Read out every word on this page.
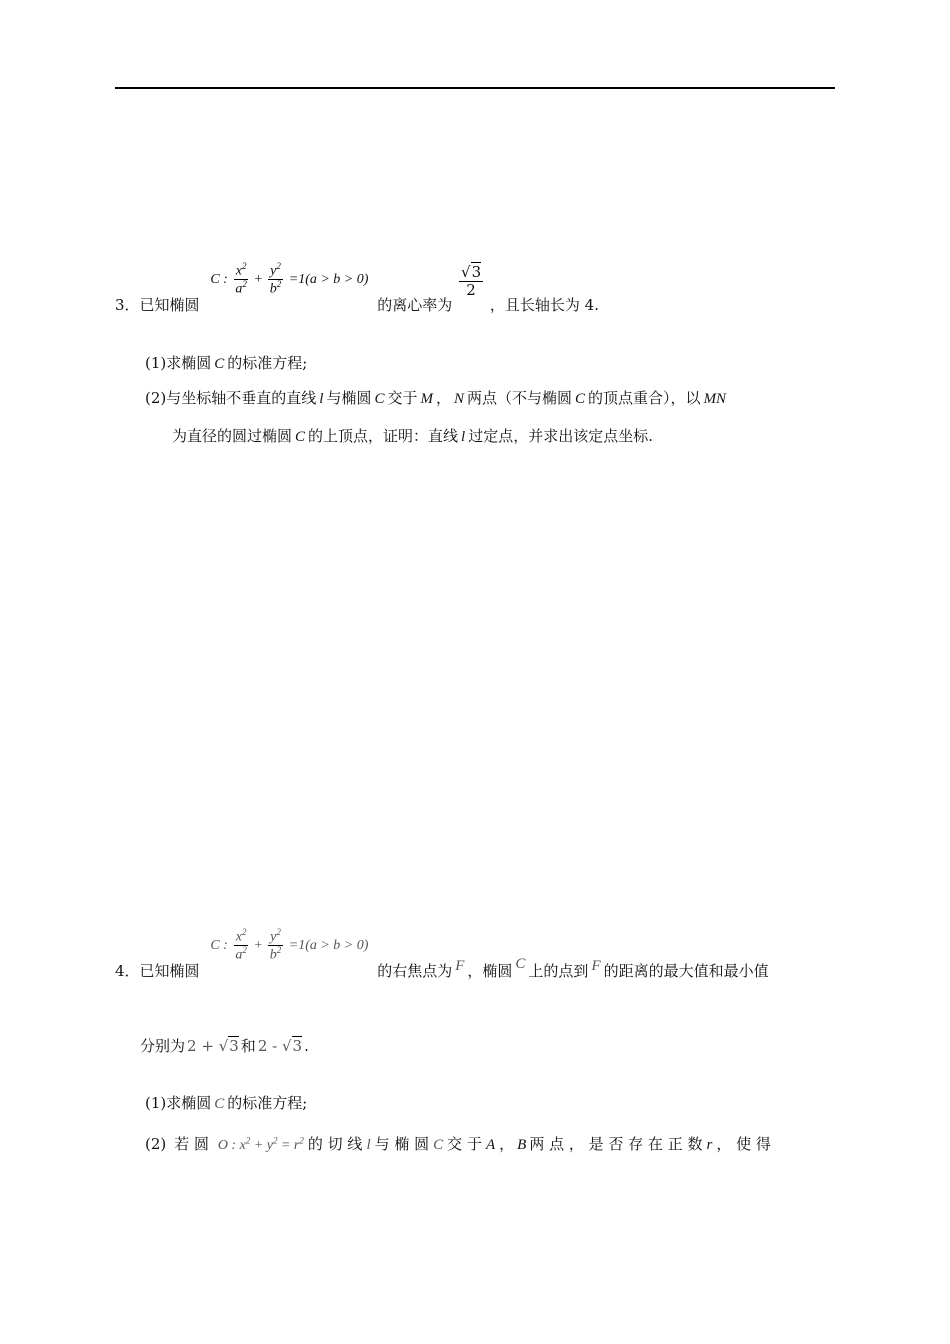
3．已知椭圆 C : $\frac{x^2}{a^2} + \frac{y^2}{b^2} =1(a > b > 0)$ 的离心率为
$\frac{√3}{2}$
，且长轴长为 4.
(1)求椭圆 C 的标准方程;
(2)与坐标轴不垂直的直线 l 与椭圆 C 交于 M ， N 两点（不与椭圆 C 的顶点重合），以 MN
为直径的圆过椭圆 C 的上顶点，证明：直线 l 过定点，并求出该定点坐标.
4．已知椭圆 C : $\frac{x^2}{a^2} + \frac{y^2}{b^2} =1(a > b > 0)$ 的右焦点为 F ，椭圆 C 上的点到 F 的距离的最大值和最小值
分别为 2 + √3 和 2 - √3 .
(1)求椭圆 C 的标准方程;
(2) 若 圆 O : $x^2 + y^2 = r^2$ 的 切 线 l 与 椭 圆 C 交 于 A ， B 两 点 ， 是 否 存 在 正 数 r ， 使 得
